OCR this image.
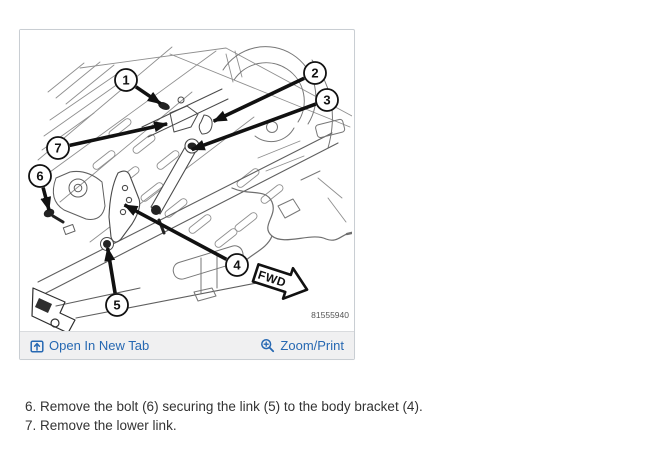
1	2
3
4
5
6
7
FWD
81555940
Open In New Tab	Zoom/Print
6. Remove the bolt (6) securing the link (5) to the body bracket (4).
7. Remove the lower link.
